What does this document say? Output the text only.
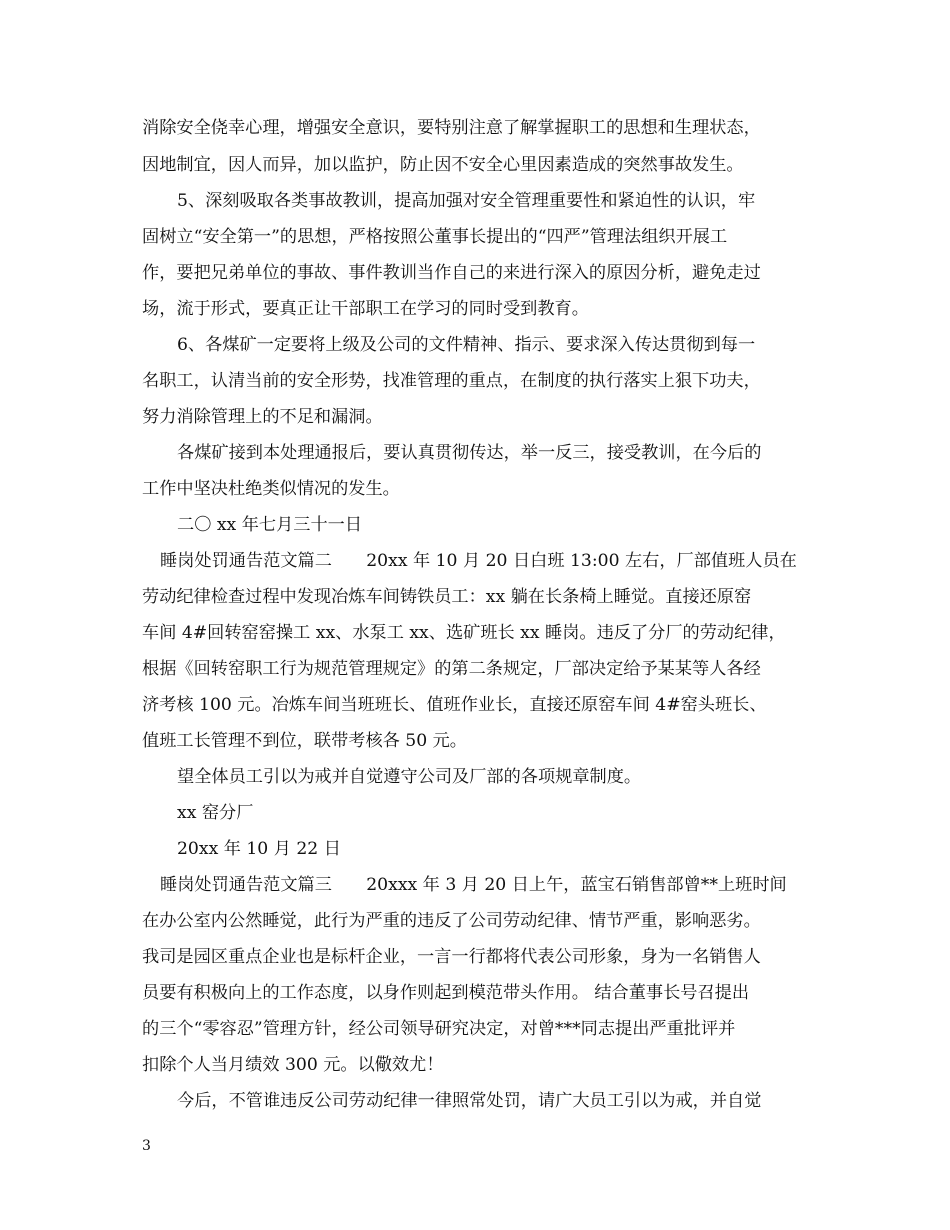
消除安全侥幸心理，增强安全意识，要特别注意了解掌握职工的思想和生理状态，
因地制宜，因人而异，加以监护，防止因不安全心里因素造成的突然事故发生。
5、深刻吸取各类事故教训，提高加强对安全管理重要性和紧迫性的认识，牢
固树立“安全第一”的思想，严格按照公董事长提出的“四严”管理法组织开展工
作，要把兄弟单位的事故、事件教训当作自己的来进行深入的原因分析，避免走过
场，流于形式，要真正让干部职工在学习的同时受到教育。
6、各煤矿一定要将上级及公司的文件精神、指示、要求深入传达贯彻到每一
名职工，认清当前的安全形势，找准管理的重点，在制度的执行落实上狠下功夫，
努力消除管理上的不足和漏洞。
各煤矿接到本处理通报后，要认真贯彻传达，举一反三，接受教训，在今后的
工作中坚决杜绝类似情况的发生。
二〇 xx 年七月三十一日
睡岗处罚通告范文篇二　　20xx 年 10 月 20 日白班 13:00 左右，厂部值班人员在
劳动纪律检查过程中发现冶炼车间铸铁员工：xx 躺在长条椅上睡觉。直接还原窑
车间 4#回转窑窑操工 xx、水泵工 xx、选矿班长 xx 睡岗。违反了分厂的劳动纪律，
根据《回转窑职工行为规范管理规定》的第二条规定，厂部决定给予某某等人各经
济考核 100 元。冶炼车间当班班长、值班作业长，直接还原窑车间 4#窑头班长、
值班工长管理不到位，联带考核各 50 元。
望全体员工引以为戒并自觉遵守公司及厂部的各项规章制度。
xx 窑分厂
20xx 年 10 月 22 日
睡岗处罚通告范文篇三　　20xxx 年 3 月 20 日上午，蓝宝石销售部曾**上班时间
在办公室内公然睡觉，此行为严重的违反了公司劳动纪律、情节严重，影响恶劣。
我司是园区重点企业也是标杆企业，一言一行都将代表公司形象，身为一名销售人
员要有积极向上的工作态度，以身作则起到模范带头作用。 结合董事长号召提出
的三个“零容忍”管理方针，经公司领导研究决定，对曾***同志提出严重批评并
扣除个人当月绩效 300 元。以儆效尤！
今后，不管谁违反公司劳动纪律一律照常处罚，请广大员工引以为戒，并自觉
3
